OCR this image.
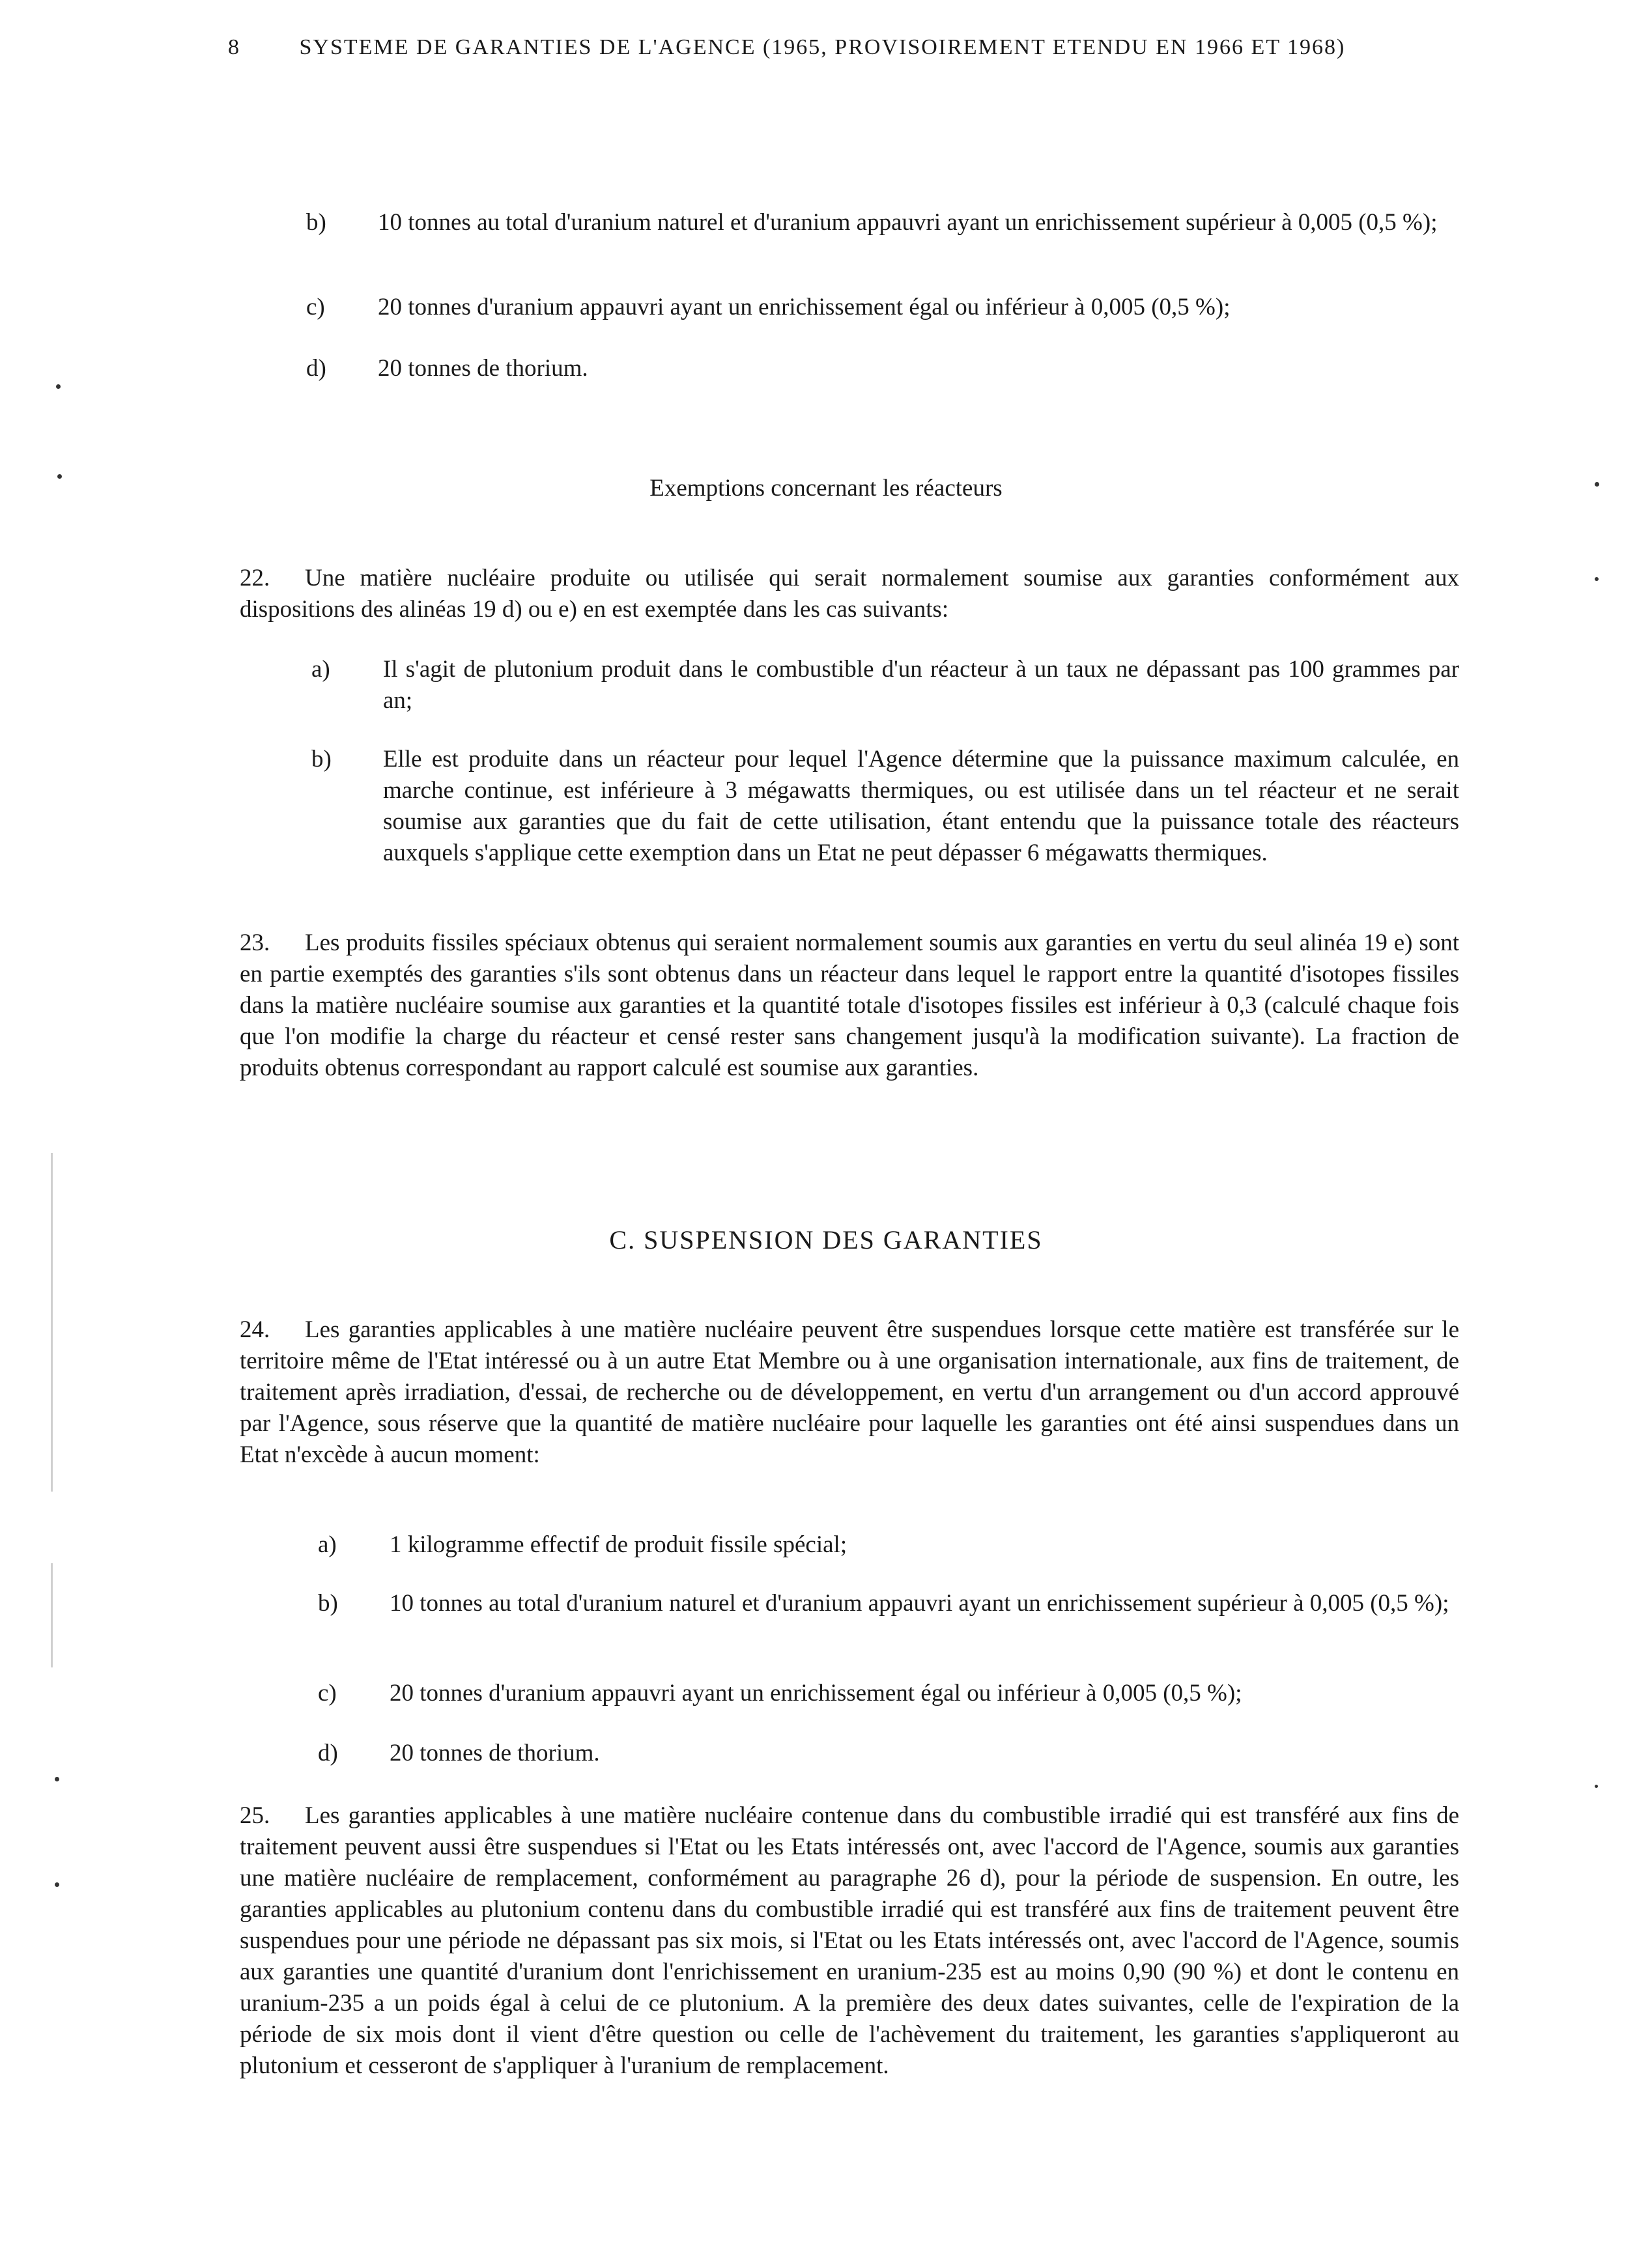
8	SYSTEME DE GARANTIES DE L'AGENCE (1965, PROVISOIREMENT ETENDU EN 1966 ET 1968)
b) 10 tonnes au total d'uranium naturel et d'uranium appauvri ayant un enrichissement supérieur à 0,005 (0,5 %);
c) 20 tonnes d'uranium appauvri ayant un enrichissement égal ou inférieur à 0,005 (0,5 %);
d) 20 tonnes de thorium.
Exemptions concernant les réacteurs
22. Une matière nucléaire produite ou utilisée qui serait normalement soumise aux garanties conformément aux dispositions des alinéas 19 d) ou e) en est exemptée dans les cas suivants:
a) Il s'agit de plutonium produit dans le combustible d'un réacteur à un taux ne dépassant pas 100 grammes par an;
b) Elle est produite dans un réacteur pour lequel l'Agence détermine que la puissance maximum calculée, en marche continue, est inférieure à 3 mégawatts thermiques, ou est utilisée dans un tel réacteur et ne serait soumise aux garanties que du fait de cette utilisation, étant entendu que la puissance totale des réacteurs auxquels s'applique cette exemption dans un Etat ne peut dépasser 6 mégawatts thermiques.
23. Les produits fissiles spéciaux obtenus qui seraient normalement soumis aux garanties en vertu du seul alinéa 19 e) sont en partie exemptés des garanties s'ils sont obtenus dans un réacteur dans lequel le rapport entre la quantité d'isotopes fissiles dans la matière nucléaire soumise aux garanties et la quantité totale d'isotopes fissiles est inférieur à 0,3 (calculé chaque fois que l'on modifie la charge du réacteur et censé rester sans changement jusqu'à la modification suivante). La fraction de produits obtenus correspondant au rapport calculé est soumise aux garanties.
C. SUSPENSION DES GARANTIES
24. Les garanties applicables à une matière nucléaire peuvent être suspendues lorsque cette matière est transférée sur le territoire même de l'Etat intéressé ou à un autre Etat Membre ou à une organisation internationale, aux fins de traitement, de traitement après irradiation, d'essai, de recherche ou de développement, en vertu d'un arrangement ou d'un accord approuvé par l'Agence, sous réserve que la quantité de matière nucléaire pour laquelle les garanties ont été ainsi suspendues dans un Etat n'excède à aucun moment:
a) 1 kilogramme effectif de produit fissile spécial;
b) 10 tonnes au total d'uranium naturel et d'uranium appauvri ayant un enrichissement supérieur à 0,005 (0,5 %);
c) 20 tonnes d'uranium appauvri ayant un enrichissement égal ou inférieur à 0,005 (0,5 %);
d) 20 tonnes de thorium.
25. Les garanties applicables à une matière nucléaire contenue dans du combustible irradié qui est transféré aux fins de traitement peuvent aussi être suspendues si l'Etat ou les Etats intéressés ont, avec l'accord de l'Agence, soumis aux garanties une matière nucléaire de remplacement, conformément au paragraphe 26 d), pour la période de suspension. En outre, les garanties applicables au plutonium contenu dans du combustible irradié qui est transféré aux fins de traitement peuvent être suspendues pour une période ne dépassant pas six mois, si l'Etat ou les Etats intéressés ont, avec l'accord de l'Agence, soumis aux garanties une quantité d'uranium dont l'enrichissement en uranium-235 est au moins 0,90 (90 %) et dont le contenu en uranium-235 a un poids égal à celui de ce plutonium. A la première des deux dates suivantes, celle de l'expiration de la période de six mois dont il vient d'être question ou celle de l'achèvement du traitement, les garanties s'appliqueront au plutonium et cesseront de s'appliquer à l'uranium de remplacement.
